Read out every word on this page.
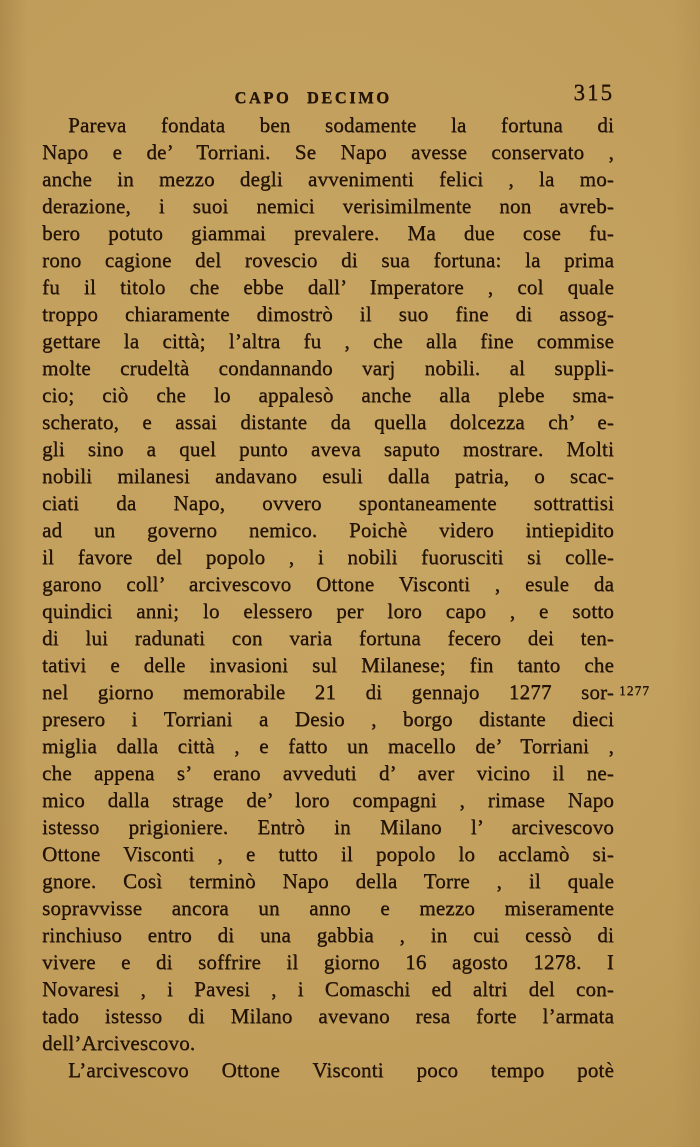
CAPO DECIMO	315
Pareva fondata ben sodamente la fortuna di
Napo e de’ Torriani. Se Napo avesse conservato ,
anche in mezzo degli avvenimenti felici , la mo-
derazione, i suoi nemici verisimilmente non avreb-
bero potuto giammai prevalere. Ma due cose fu-
rono cagione del rovescio di sua fortuna: la prima
fu il titolo che ebbe dall’ Imperatore , col quale
troppo chiaramente dimostrò il suo fine di assog-
gettare la città; l’altra fu , che alla fine commise
molte crudeltà condannando varj nobili. al suppli-
cio; ciò che lo appalesò anche alla plebe sma-
scherato, e assai distante da quella dolcezza ch’ e-
gli sino a quel punto aveva saputo mostrare. Molti
nobili milanesi andavano esuli dalla patria, o scac-
ciati da Napo, ovvero spontaneamente sottrattisi
ad un governo nemico. Poichè videro intiepidito
il favore del popolo , i nobili fuorusciti si colle-
garono coll’ arcivescovo Ottone Visconti , esule da
quindici anni; lo elessero per loro capo , e sotto
di lui radunati con varia fortuna fecero dei ten-
tativi e delle invasioni sul Milanese; fin tanto che
nel giorno memorabile 21 di gennajo 1277 sor-
presero i Torriani a Desio , borgo distante dieci
miglia dalla città , e fatto un macello de’ Torriani ,
che appena s’ erano avveduti d’ aver vicino il ne-
mico dalla strage de’ loro compagni , rimase Napo
istesso prigioniere. Entrò in Milano l’ arcivescovo
Ottone Visconti , e tutto il popolo lo acclamò si-
gnore. Così terminò Napo della Torre , il quale
sopravvisse ancora un anno e mezzo miseramente
rinchiuso entro di una gabbia , in cui cessò di
vivere e di soffrire il giorno 16 agosto 1278. I
Novaresi , i Pavesi , i Comaschi ed altri del con-
tado istesso di Milano avevano resa forte l’armata
dell’Arcivescovo.
L’arcivescovo Ottone Visconti poco tempo potè
1277
